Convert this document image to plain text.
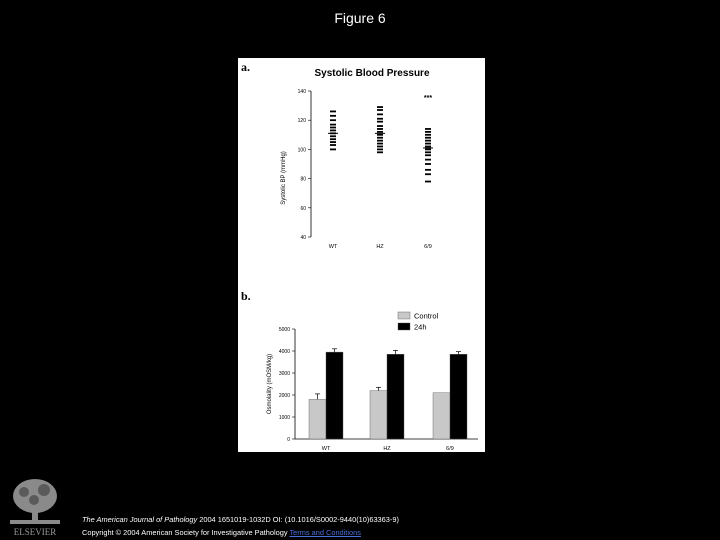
Figure 6
a.	Systolic Blood Pressure
Systolic BP (mmHg)
40
60
80
100
120
140
WT	HZ	6/9
***
b.
Osmolality (mOSM/kg)
0
1000
2000
3000
4000
5000
WT	HZ	6/9
Control
24h
ELSEVIER
The American Journal of Pathology 2004 1651019-1032D OI: (10.1016/S0002-9440(10)63363-9)
Copyright © 2004 American Society for Investigative Pathology Terms and Conditions
